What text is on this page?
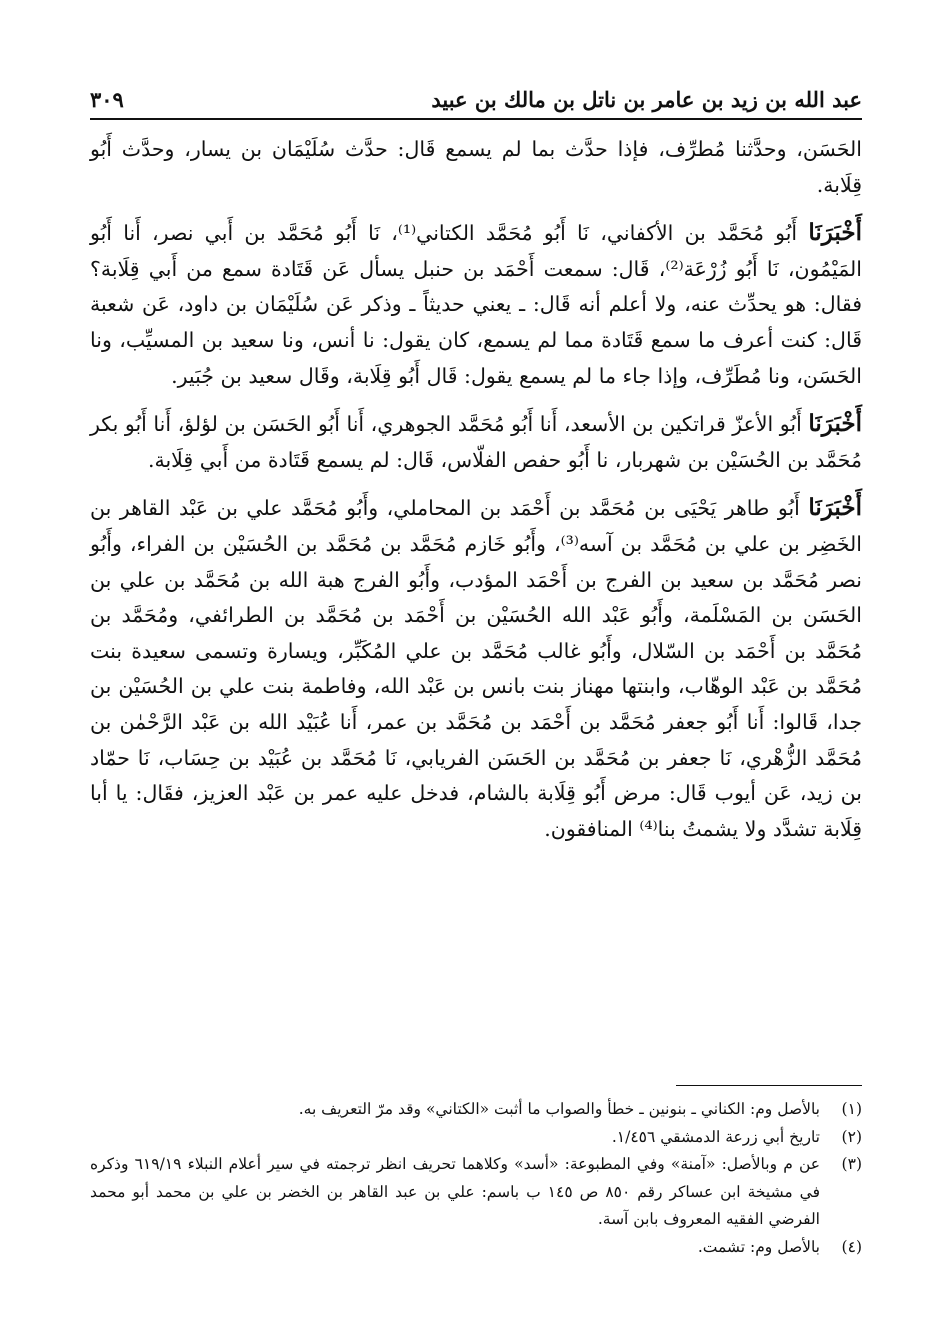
عبد الله بن زيد بن عامر بن ناتل بن مالك بن عبيد
٣٠٩

الحَسَن، وحدَّثنا مُطرِّف، فإذا حدَّث بما لم يسمع قَال: حدَّث سُلَيْمَان بن يسار، وحدَّث أَبُو قِلَابة.

أَخْبَرَنَا أَبُو مُحَمَّد بن الأكفاني، نَا أَبُو مُحَمَّد الكتاني⁽¹⁾، نَا أَبُو مُحَمَّد بن أَبي نصر، أَنا أَبُو المَيْمُون، نَا أَبُو زُرْعَة⁽²⁾، قَال: سمعت أَحْمَد بن حنبل يسأل عَن قَتَادة سمع من أَبي قِلَابة؟ فقال: هو يحدِّث عنه، ولا أعلم أنه قَال: ـ يعني حديثاً ـ وذكر عَن سُلَيْمَان بن داود، عَن شعبة قَال: كنت أعرف ما سمع قَتَادة مما لم يسمع، كان يقول: نا أنس، ونا سعيد بن المسيِّب، ونا الحَسَن، ونا مُطَرِّف، وإذا جاء ما لم يسمع يقول: قَال أَبُو قِلَابة، وقَال سعيد بن جُبَير.

أَخْبَرَنَا أَبُو الأعزّ قراتكين بن الأسعد، أَنا أَبُو مُحَمَّد الجوهري، أَنا أَبُو الحَسَن بن لؤلؤ، أَنا أَبُو بكر مُحَمَّد بن الحُسَيْن بن شهربار، نا أَبُو حفص الفلّاس، قَال: لم يسمع قَتَادة من أَبي قِلَابة.

أَخْبَرَنَا أَبُو طاهر يَحْيَى بن مُحَمَّد بن أَحْمَد بن المحاملي، وأَبُو مُحَمَّد علي بن عَبْد القاهر بن الخَضِر بن علي بن مُحَمَّد بن آسه⁽³⁾، وأَبُو خَازم مُحَمَّد بن مُحَمَّد بن الحُسَيْن بن الفراء، وأَبُو نصر مُحَمَّد بن سعيد بن الفرج بن أَحْمَد المؤدب، وأَبُو الفرج هبة الله بن مُحَمَّد بن علي بن الحَسَن بن المَسْلَمة، وأَبُو عَبْد الله الحُسَيْن بن أَحْمَد بن مُحَمَّد بن الطرائفي، ومُحَمَّد بن مُحَمَّد بن أَحْمَد بن السّلال، وأَبُو غالب مُحَمَّد بن علي المُكَبِّر، ويسارة وتسمى سعيدة بنت مُحَمَّد بن عَبْد الوهّاب، وابنتها مهناز بنت بانس بن عَبْد الله، وفاطمة بنت علي بن الحُسَيْن بن جدا، قَالوا: أَنا أَبُو جعفر مُحَمَّد بن أَحْمَد بن مُحَمَّد بن عمر، أَنا عُبَيْد الله بن عَبْد الرَّحْمٰن بن مُحَمَّد الزُّهْري، نَا جعفر بن مُحَمَّد بن الحَسَن الفريابي، نَا مُحَمَّد بن عُبَيْد بن حِسَاب، نَا حمّاد بن زيد، عَن أيوب قَال: مرض أَبُو قِلَابة بالشام، فدخل عليه عمر بن عَبْد العزيز، فقَال: يا أبا قِلَابة تشدَّد ولا يشمتُ بنا⁽⁴⁾ المنافقون.

(١)
بالأصل وم: الكناني ـ بنونين ـ خطأ والصواب ما أثبت «الكتاني» وقد مرّ التعريف به.
(٢)
تاريخ أبي زرعة الدمشقي ١/٤٥٦.
(٣)
عن م وبالأصل: «آمنة» وفي المطبوعة: «أسد» وكلاهما تحريف انظر ترجمته في سير أعلام النبلاء ٦١٩/١٩ وذكره في مشيخة ابن عساكر رقم ٨٥٠ ص ١٤٥ ب باسم: علي بن عبد القاهر بن الخضر بن علي بن محمد أبو محمد الفرضي الفقيه المعروف بابن آسة.
(٤)
بالأصل وم: تشمت.
